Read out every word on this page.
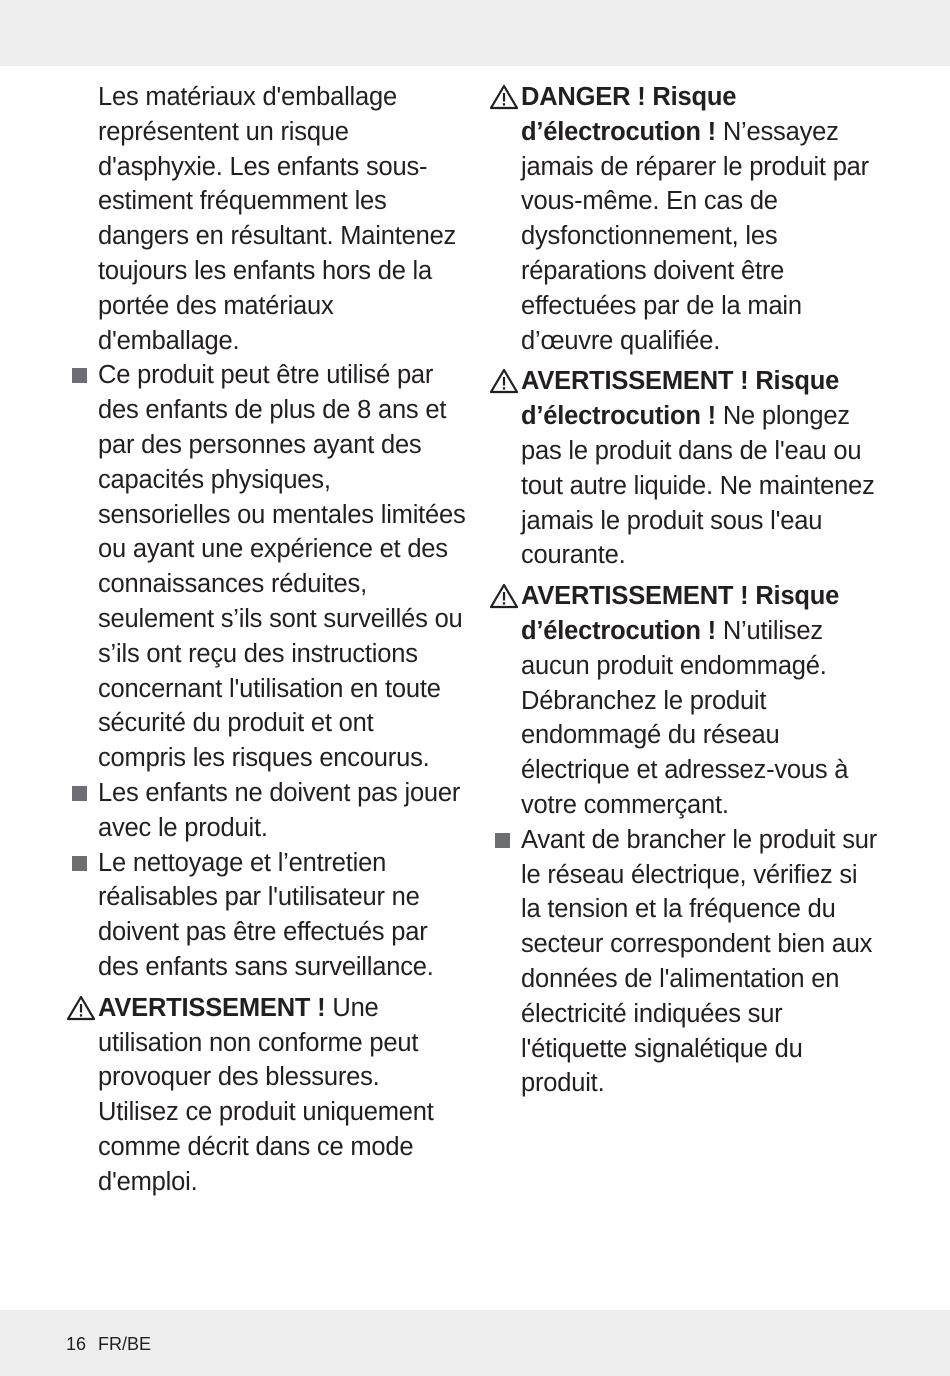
Les matériaux d'emballage représentent un risque d'asphyxie. Les enfants sous-estiment fréquemment les dangers en résultant. Maintenez toujours les enfants hors de la portée des matériaux d'emballage.
Ce produit peut être utilisé par des enfants de plus de 8 ans et par des personnes ayant des capacités physiques, sensorielles ou mentales limitées ou ayant une expérience et des connaissances réduites, seulement s’ils sont surveillés ou s’ils ont reçu des instructions concernant l'utilisation en toute sécurité du produit et ont compris les risques encourus.
Les enfants ne doivent pas jouer avec le produit.
Le nettoyage et l’entretien réalisables par l'utilisateur ne doivent pas être effectués par des enfants sans surveillance.
AVERTISSEMENT ! Une utilisation non conforme peut provoquer des blessures. Utilisez ce produit uniquement comme décrit dans ce mode d'emploi.
DANGER ! Risque d’électrocution ! N’essayez jamais de réparer le produit par vous-même. En cas de dysfonctionnement, les réparations doivent être effectuées par de la main d’œuvre qualifiée.
AVERTISSEMENT ! Risque d’électrocution ! Ne plongez pas le produit dans de l'eau ou tout autre liquide. Ne maintenez jamais le produit sous l'eau courante.
AVERTISSEMENT ! Risque d’électrocution ! N’utilisez aucun produit endommagé. Débranchez le produit endommagé du réseau électrique et adressez-vous à votre commerçant.
Avant de brancher le produit sur le réseau électrique, vérifiez si la tension et la fréquence du secteur correspondent bien aux données de l'alimentation en électricité indiquées sur l'étiquette signalétique du produit.
16 FR/BE
